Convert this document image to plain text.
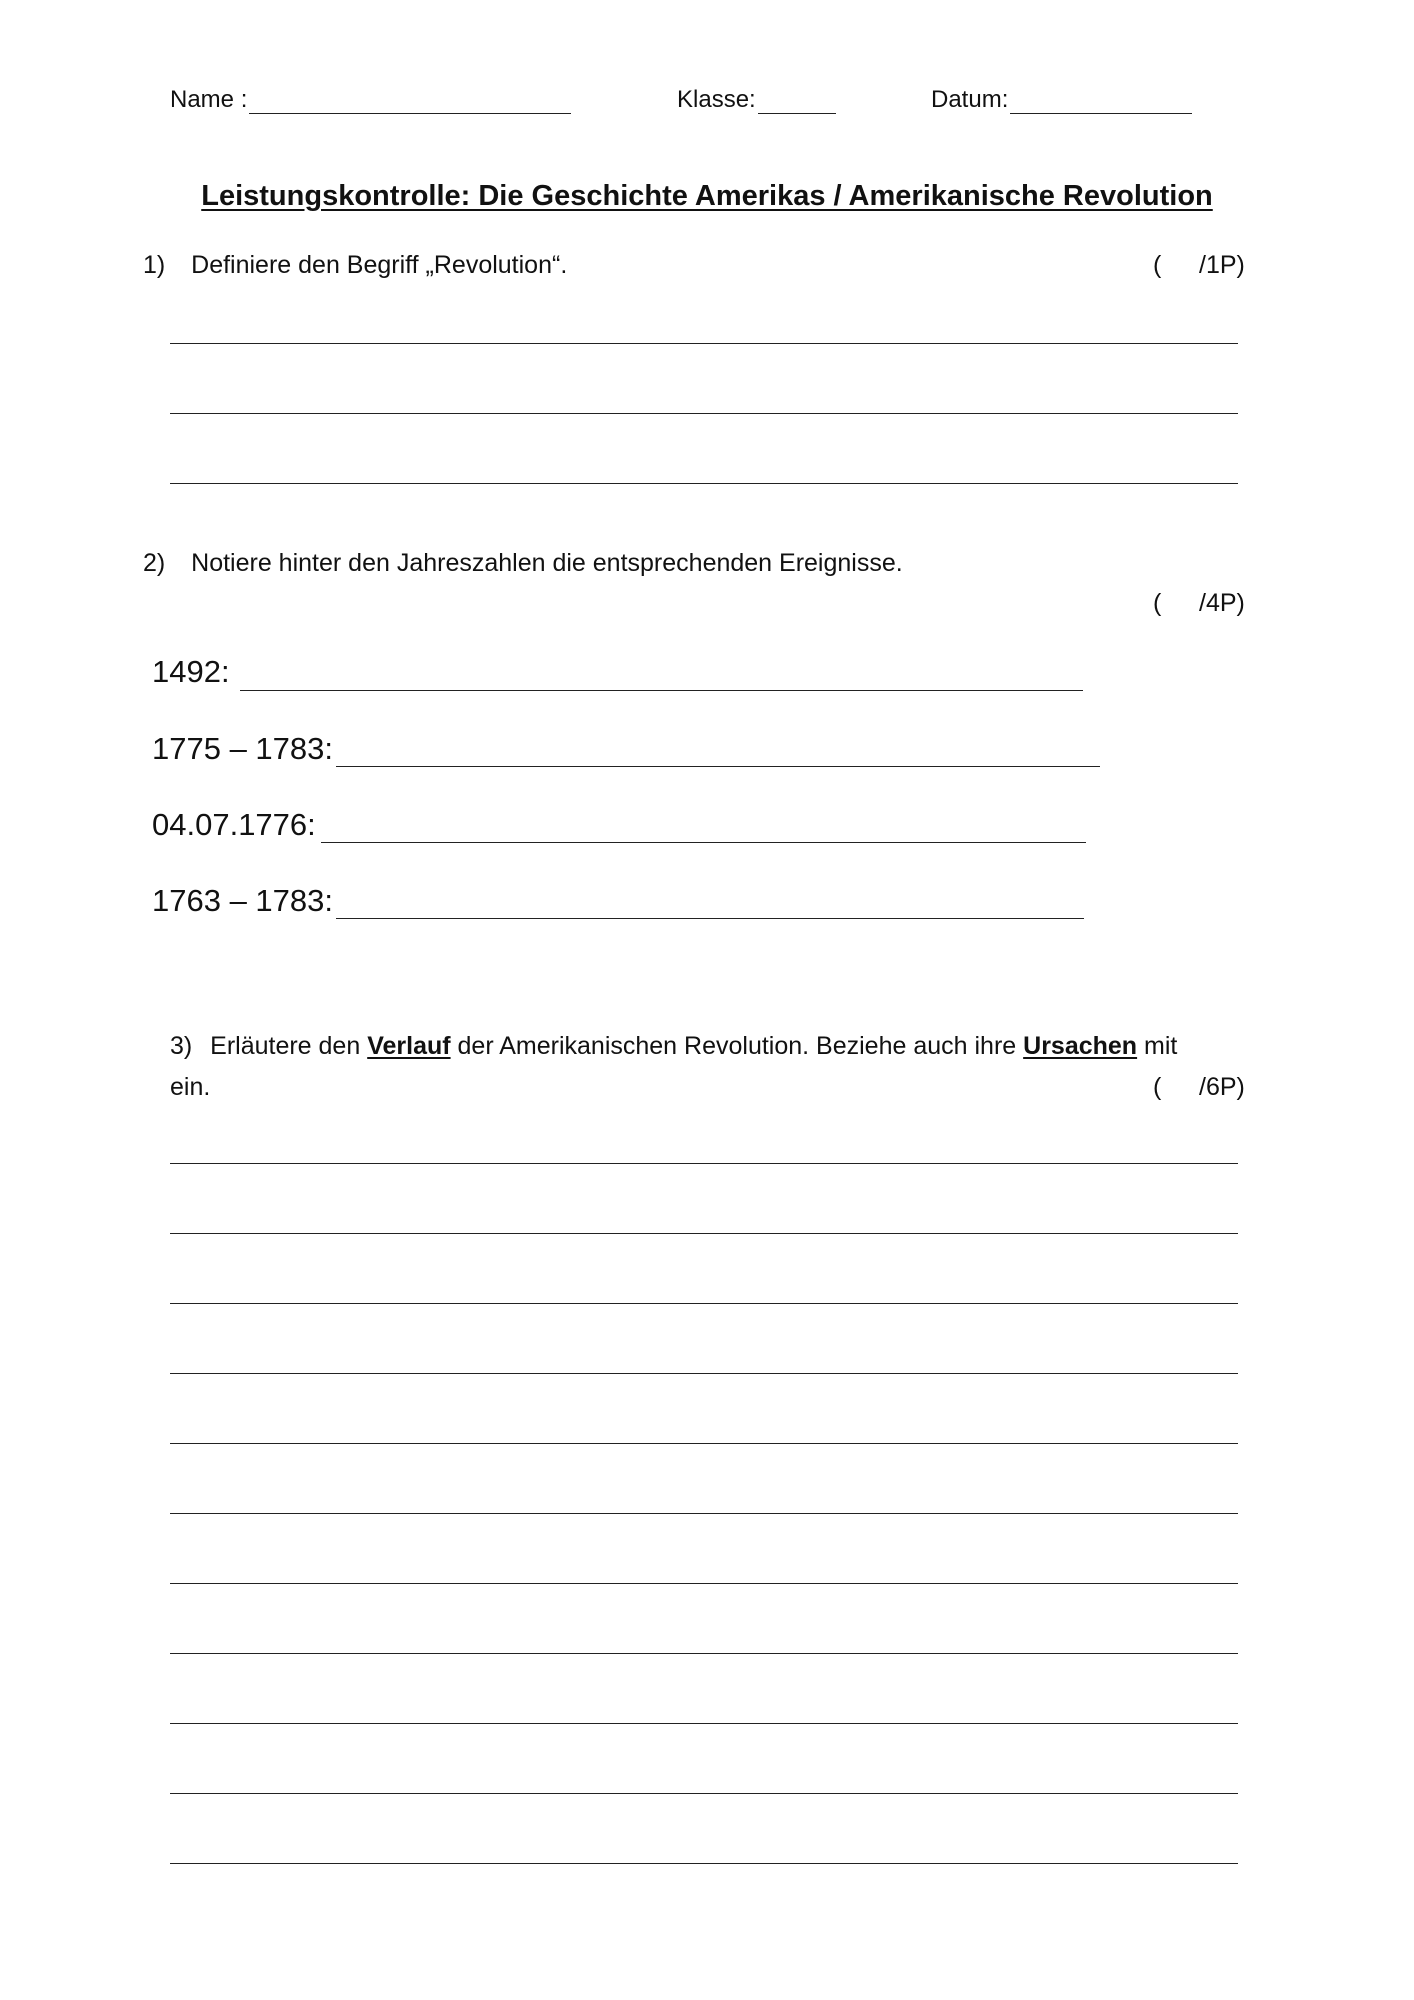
Name :	Klasse:	Datum:
Leistungskontrolle: Die Geschichte Amerikas / Amerikanische Revolution
1) Definiere den Begriff „Revolution“.	( /1P)
2) Notiere hinter den Jahreszahlen die entsprechenden Ereignisse.
( /4P)
1492:
1775 – 1783:
04.07.1776:
1763 – 1783:
3) Erläutere den Verlauf der Amerikanischen Revolution. Beziehe auch ihre Ursachen mit
ein.	( /6P)
